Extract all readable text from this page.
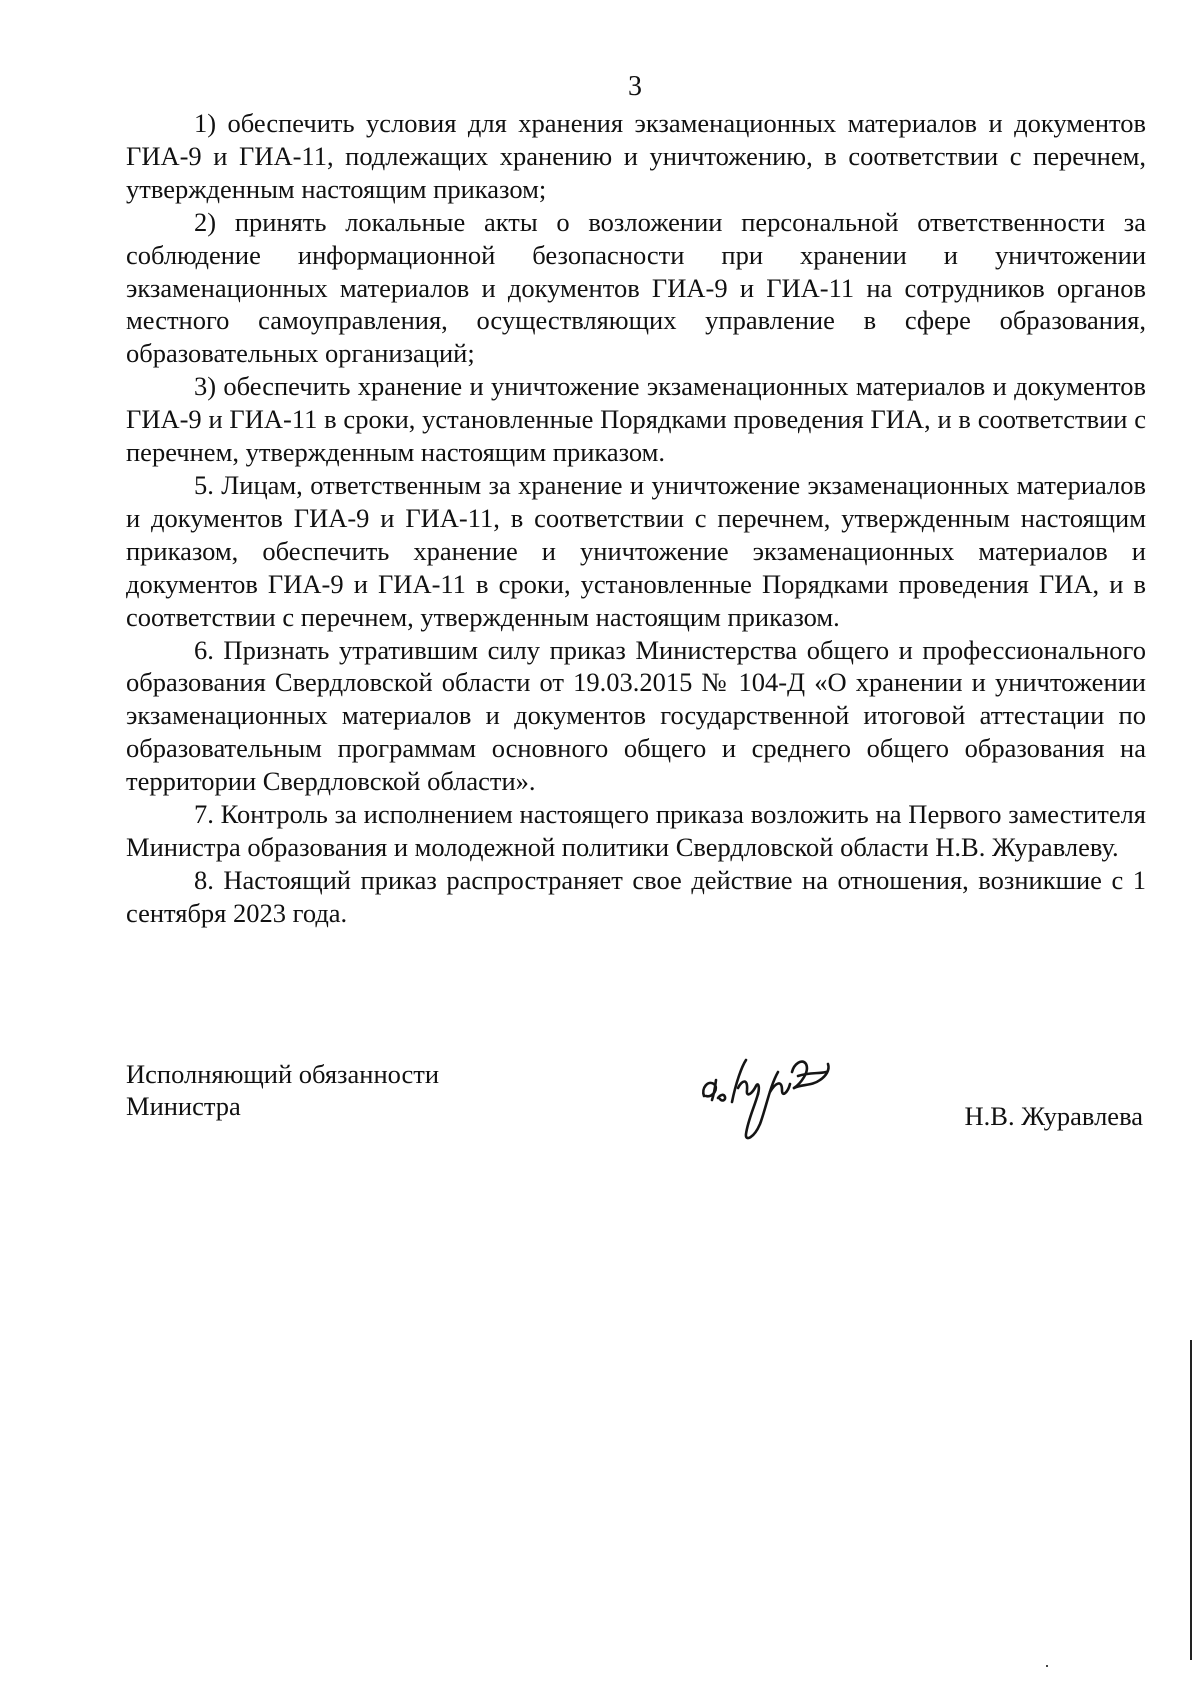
3

1) обеспечить условия для хранения экзаменационных материалов и документов ГИА-9 и ГИА-11, подлежащих хранению и уничтожению, в соответствии с перечнем, утвержденным настоящим приказом;

2) принять локальные акты о возложении персональной ответственности за соблюдение информационной безопасности при хранении и уничтожении экзаменационных материалов и документов ГИА-9 и ГИА-11 на сотрудников органов местного самоуправления, осуществляющих управление в сфере образования, образовательных организаций;

3) обеспечить хранение и уничтожение экзаменационных материалов и документов ГИА-9 и ГИА-11 в сроки, установленные Порядками проведения ГИА, и в соответствии с перечнем, утвержденным настоящим приказом.

5. Лицам, ответственным за хранение и уничтожение экзаменационных материалов и документов ГИА-9 и ГИА-11, в соответствии с перечнем, утвержденным настоящим приказом, обеспечить хранение и уничтожение экзаменационных материалов и документов ГИА-9 и ГИА-11 в сроки, установленные Порядками проведения ГИА, и в соответствии с перечнем, утвержденным настоящим приказом.

6. Признать утратившим силу приказ Министерства общего и профессионального образования Свердловской области от 19.03.2015 № 104-Д «О хранении и уничтожении экзаменационных материалов и документов государственной итоговой аттестации по образовательным программам основного общего и среднего общего образования на территории Свердловской области».

7. Контроль за исполнением настоящего приказа возложить на Первого заместителя Министра образования и молодежной политики Свердловской области Н.В. Журавлеву.

8. Настоящий приказ распространяет свое действие на отношения, возникшие с 1 сентября 2023 года.

Исполняющий обязанности
Министра	Н.В. Журавлева
